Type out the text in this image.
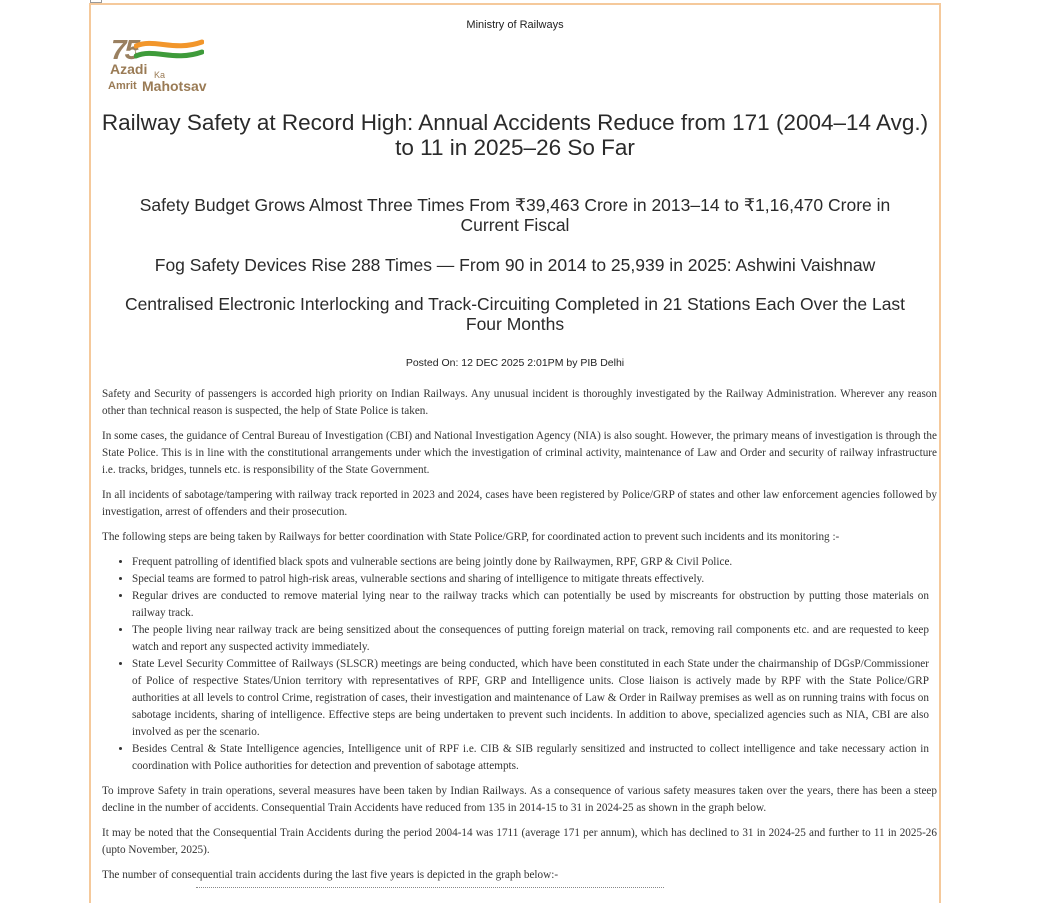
Ministry of Railways
75
Azadi Ka
Amrit Mahotsav
Railway Safety at Record High: Annual Accidents Reduce from 171 (2004–14 Avg.) to 11 in 2025–26 So Far
Safety Budget Grows Almost Three Times From ₹39,463 Crore in 2013–14 to ₹1,16,470 Crore in Current Fiscal
Fog Safety Devices Rise 288 Times — From 90 in 2014 to 25,939 in 2025: Ashwini Vaishnaw
Centralised Electronic Interlocking and Track-Circuiting Completed in 21 Stations Each Over the Last Four Months
Posted On: 12 DEC 2025 2:01PM by PIB Delhi

Safety and Security of passengers is accorded high priority on Indian Railways. Any unusual incident is thoroughly investigated by the Railway Administration. Wherever any reason other than technical reason is suspected, the help of State Police is taken.

In some cases, the guidance of Central Bureau of Investigation (CBI) and National Investigation Agency (NIA) is also sought. However, the primary means of investigation is through the State Police. This is in line with the constitutional arrangements under which the investigation of criminal activity, maintenance of Law and Order and security of railway infrastructure i.e. tracks, bridges, tunnels etc. is responsibility of the State Government.

In all incidents of sabotage/tampering with railway track reported in 2023 and 2024, cases have been registered by Police/GRP of states and other law enforcement agencies followed by investigation, arrest of offenders and their prosecution.

The following steps are being taken by Railways for better coordination with State Police/GRP, for coordinated action to prevent such incidents and its monitoring :-

• Frequent patrolling of identified black spots and vulnerable sections are being jointly done by Railwaymen, RPF, GRP & Civil Police.
• Special teams are formed to patrol high-risk areas, vulnerable sections and sharing of intelligence to mitigate threats effectively.
• Regular drives are conducted to remove material lying near to the railway tracks which can potentially be used by miscreants for obstruction by putting those materials on railway track.
• The people living near railway track are being sensitized about the consequences of putting foreign material on track, removing rail components etc. and are requested to keep watch and report any suspected activity immediately.
• State Level Security Committee of Railways (SLSCR) meetings are being conducted, which have been constituted in each State under the chairmanship of DGsP/Commissioner of Police of respective States/Union territory with representatives of RPF, GRP and Intelligence units. Close liaison is actively made by RPF with the State Police/GRP authorities at all levels to control Crime, registration of cases, their investigation and maintenance of Law & Order in Railway premises as well as on running trains with focus on sabotage incidents, sharing of intelligence. Effective steps are being undertaken to prevent such incidents. In addition to above, specialized agencies such as NIA, CBI are also involved as per the scenario.
• Besides Central & State Intelligence agencies, Intelligence unit of RPF i.e. CIB & SIB regularly sensitized and instructed to collect intelligence and take necessary action in coordination with Police authorities for detection and prevention of sabotage attempts.

To improve Safety in train operations, several measures have been taken by Indian Railways. As a consequence of various safety measures taken over the years, there has been a steep decline in the number of accidents. Consequential Train Accidents have reduced from 135 in 2014-15 to 31 in 2024-25 as shown in the graph below.

It may be noted that the Consequential Train Accidents during the period 2004-14 was 1711 (average 171 per annum), which has declined to 31 in 2024-25 and further to 11 in 2025-26 (upto November, 2025).

The number of consequential train accidents during the last five years is depicted in the graph below:-
